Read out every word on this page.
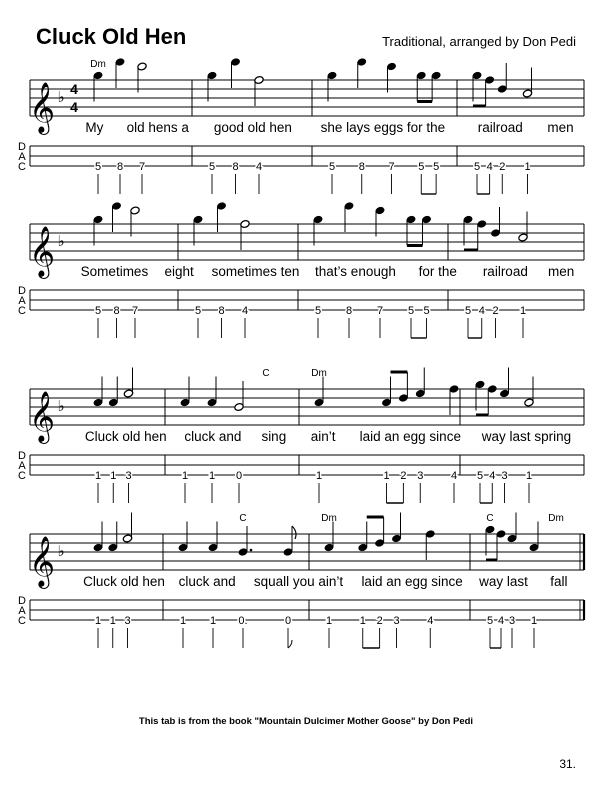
Cluck Old Hen	Traditional, arranged by Don Pedi
D
A
C
𝄞 ♭ 4
4
Dm
5 8 7	5 8 4	5 8 7 5 5	5 4 2 1
My old hens a good old hen she lays eggs for the railroad men
D
A
C
𝄞 ♭
5 8 7	5 8 4	5 8 7 5 5	5 4 2 1
Sometimes eight sometimes ten that’s enough for the railroad men
D
A
C
𝄞 ♭
1 1 3
C
1 1 0
Dm
1	1 2 3	4 5 4 3 1
Cluck old hen cluck and sing ain’t laid an egg since way last spring
D
A
C
𝄞 ♭
1 1 3
C
1 1 0.	0
Dm
1	1 2 3	4
C	Dm
5 4 3 1
Cluck old hen cluck and squall you ain’t laid an egg since way last fall
This tab is from the book "Mountain Dulcimer Mother Goose" by Don Pedi
31.
